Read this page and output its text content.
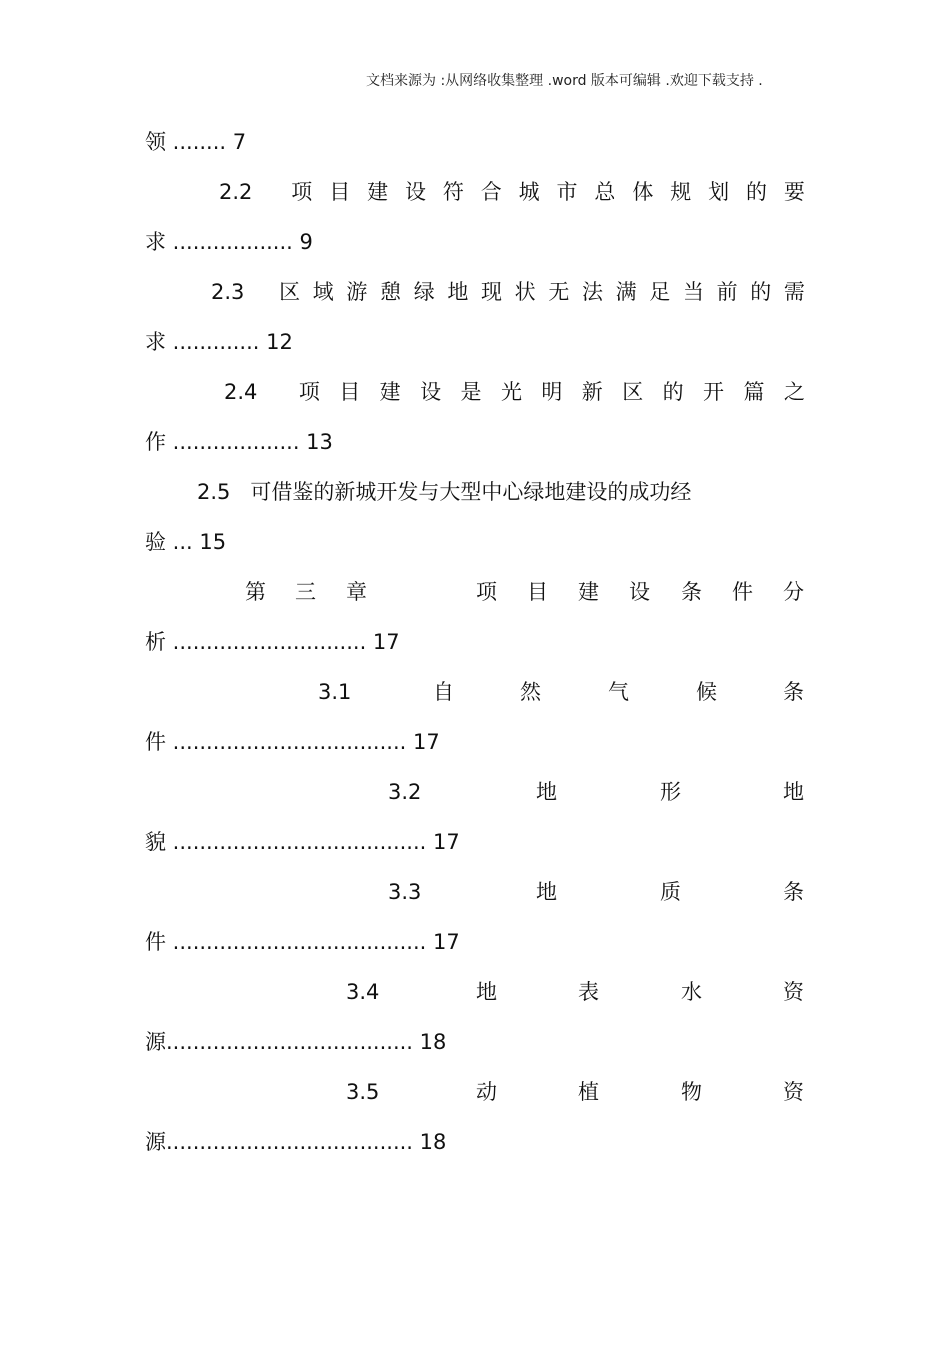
文档来源为 :从网络收集整理 .word 版本可编辑 .欢迎下载支持 .
领 ........ 7
2.2 项 目 建 设 符 合 城 市 总 体 规 划 的 要
求 .................. 9
2.3 区 域 游 憩 绿 地 现 状 无 法 满 足 当 前 的 需
求 ............. 12
2.4 项 目 建 设 是 光 明 新 区 的 开 篇 之
作 ................... 13
2.5 可借鉴的新城开发与大型中心绿地建设的成功经
验 ... 15
第 三 章	项 目 建 设 条 件 分
析 ............................. 17
3.1	自	然	气	候	条
件 ................................... 17
3.2	地	形	地
貌 ...................................... 17
3.3	地	质	条
件 ...................................... 17
3.4	地	表	水	资
源..................................... 18
3.5	动	植	物	资
源..................................... 18
